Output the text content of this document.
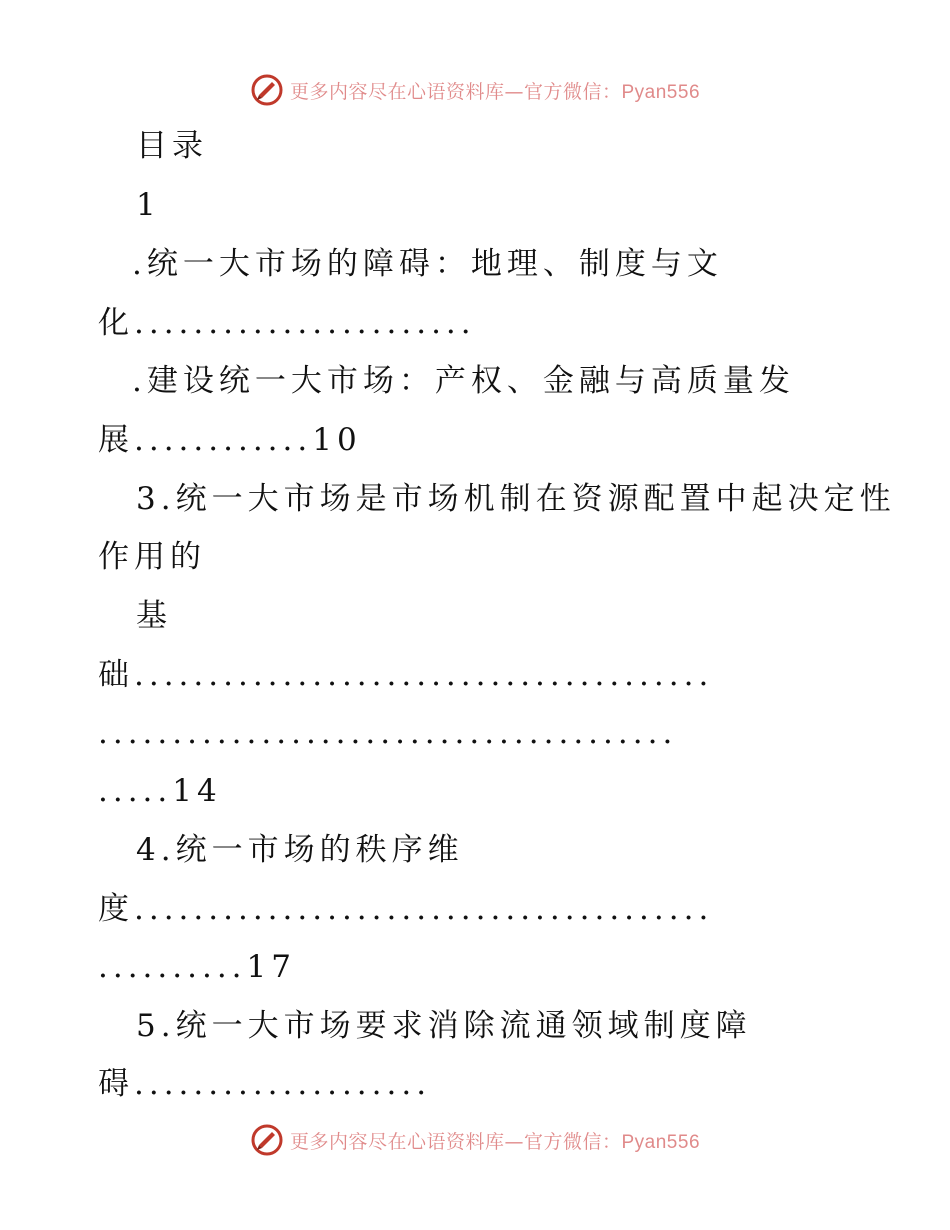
更多内容尽在心语资料库—官方微信：Pyan556
目录
1
.统一大市场的障碍：地理、制度与文
化.......................
.建设统一大市场：产权、金融与高质量发
展............10
3.统一大市场是市场机制在资源配置中起决定性
作用的
基
础.......................................
.......................................
.....14
4.统一市场的秩序维
度.......................................
..........17
5.统一大市场要求消除流通领域制度障
碍....................
更多内容尽在心语资料库—官方微信：Pyan556
